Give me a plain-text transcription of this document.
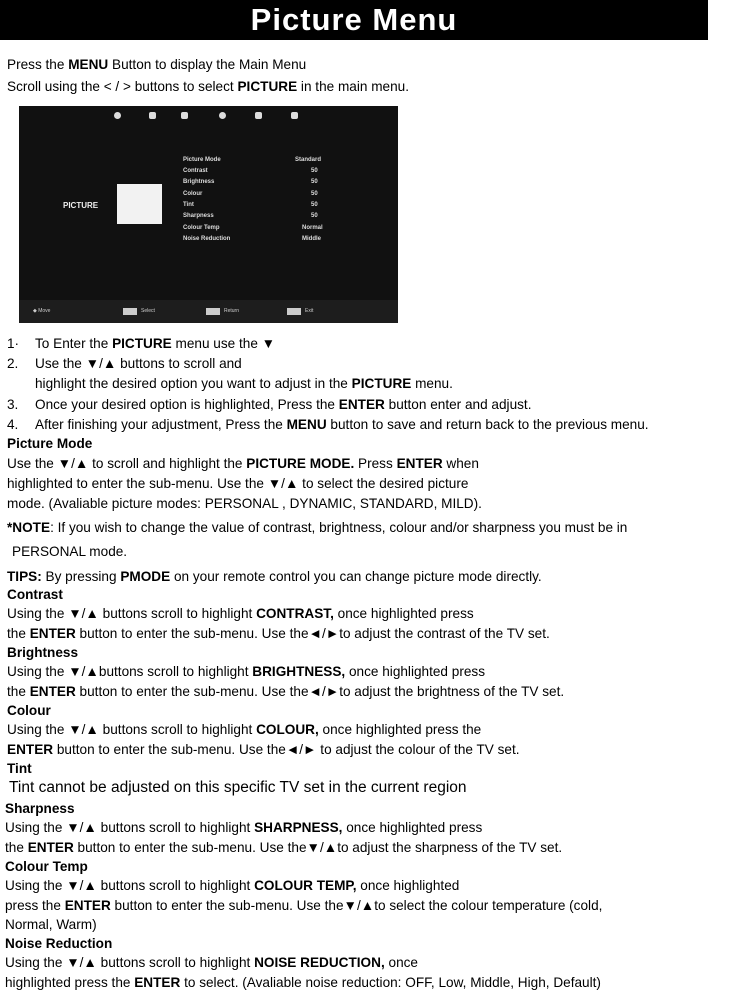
Picture Menu
Press the MENU Button to display the Main Menu
Scroll using the < / > buttons to select PICTURE in the main menu.
PICTURE
Picture Mode	Standard
Contrast	50
Brightness	50
Colour	50
Tint	50
Sharpness	50
Colour Temp	Normal
Noise Reduction	Middle
◆ Move	Select	Return	Exit
1· To Enter the PICTURE menu use the ▼
2. Use the ▼/▲ buttons to scroll and
highlight the desired option you want to adjust in the PICTURE menu.
3. Once your desired option is highlighted, Press the ENTER button enter and adjust.
4. After finishing your adjustment, Press the MENU button to save and return back to the previous menu.
Picture Mode
Use the ▼/▲ to scroll and highlight the PICTURE MODE. Press ENTER when
highlighted to enter the sub-menu. Use the ▼/▲ to select the desired picture
mode. (Avaliable picture modes: PERSONAL , DYNAMIC, STANDARD, MILD).
*NOTE: If you wish to change the value of contrast, brightness, colour and/or sharpness you must be in
PERSONAL mode.
TIPS: By pressing PMODE on your remote control you can change picture mode directly.
Contrast
Using the ▼/▲ buttons scroll to highlight CONTRAST, once highlighted press
the ENTER button to enter the sub-menu. Use the◄/►to adjust the contrast of the TV set.
Brightness
Using the ▼/▲buttons scroll to highlight BRIGHTNESS, once highlighted press
the ENTER button to enter the sub-menu. Use the◄/►to adjust the brightness of the TV set.
Colour
Using the ▼/▲ buttons scroll to highlight COLOUR, once highlighted press the
ENTER button to enter the sub-menu. Use the◄/► to adjust the colour of the TV set.
Tint
Tint cannot be adjusted on this specific TV set in the current region
Sharpness
Using the ▼/▲ buttons scroll to highlight SHARPNESS, once highlighted press
the ENTER button to enter the sub-menu. Use the▼/▲to adjust the sharpness of the TV set.
Colour Temp
Using the ▼/▲ buttons scroll to highlight COLOUR TEMP, once highlighted
press the ENTER button to enter the sub-menu. Use the▼/▲to select the colour temperature (cold,
Normal, Warm)
Noise Reduction
Using the ▼/▲ buttons scroll to highlight NOISE REDUCTION, once
highlighted press the ENTER to select. (Avaliable noise reduction: OFF, Low, Middle, High, Default)
